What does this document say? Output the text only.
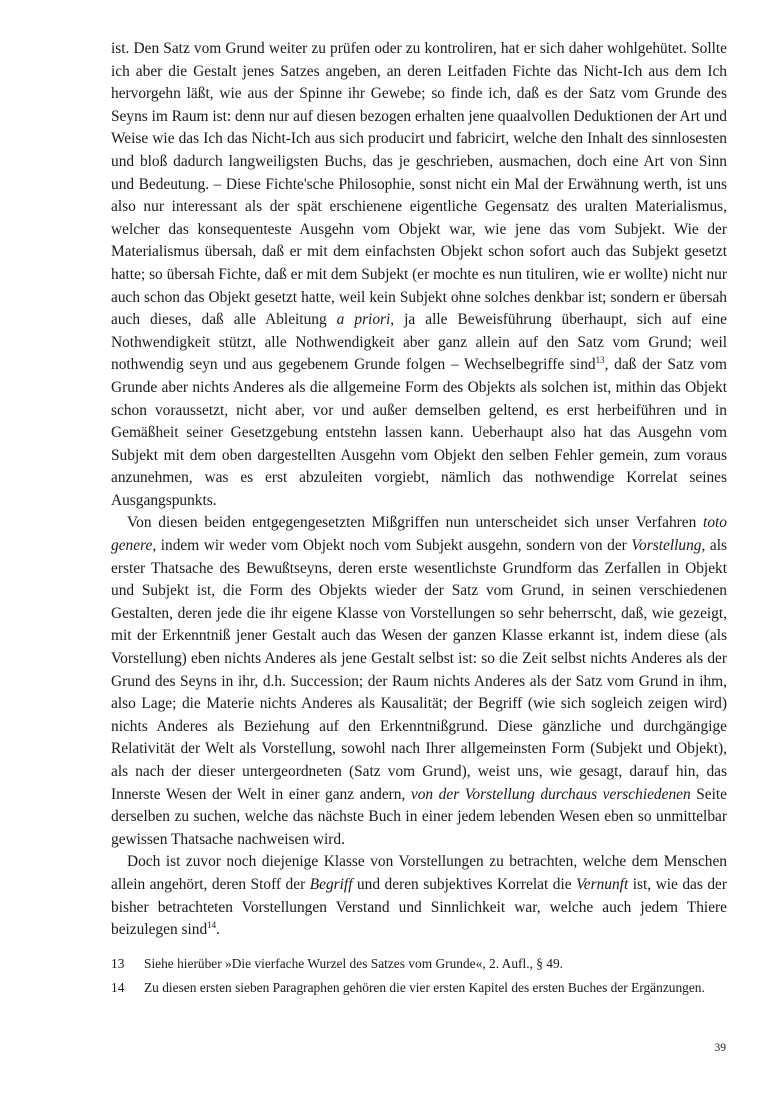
ist. Den Satz vom Grund weiter zu prüfen oder zu kontroliren, hat er sich daher wohlgehütet. Sollte ich aber die Gestalt jenes Satzes angeben, an deren Leitfaden Fichte das Nicht-Ich aus dem Ich hervorgehn läßt, wie aus der Spinne ihr Gewebe; so finde ich, daß es der Satz vom Grunde des Seyns im Raum ist: denn nur auf diesen bezogen erhalten jene quaalvollen Deduktionen der Art und Weise wie das Ich das Nicht-Ich aus sich producirt und fabricirt, welche den Inhalt des sinnlosesten und bloß dadurch langweiligsten Buchs, das je geschrieben, ausmachen, doch eine Art von Sinn und Bedeutung. – Diese Fichte'sche Philosophie, sonst nicht ein Mal der Erwähnung werth, ist uns also nur interessant als der spät erschienene eigentliche Gegensatz des uralten Materialismus, welcher das konsequenteste Ausgehn vom Objekt war, wie jene das vom Subjekt. Wie der Materialismus übersah, daß er mit dem einfachsten Objekt schon sofort auch das Subjekt gesetzt hatte; so übersah Fichte, daß er mit dem Subjekt (er mochte es nun tituliren, wie er wollte) nicht nur auch schon das Objekt gesetzt hatte, weil kein Subjekt ohne solches denkbar ist; sondern er übersah auch dieses, daß alle Ableitung a priori, ja alle Beweisführung überhaupt, sich auf eine Nothwendigkeit stützt, alle Nothwendigkeit aber ganz allein auf den Satz vom Grund; weil nothwendig seyn und aus gegebenem Grunde folgen – Wechselbegriffe sind$^{13}$, daß der Satz vom Grunde aber nichts Anderes als die allgemeine Form des Objekts als solchen ist, mithin das Objekt schon voraussetzt, nicht aber, vor und außer demselben geltend, es erst herbeiführen und in Gemäßheit seiner Gesetzgebung entstehn lassen kann. Ueberhaupt also hat das Ausgehn vom Subjekt mit dem oben dargestellten Ausgehn vom Objekt den selben Fehler gemein, zum voraus anzunehmen, was es erst abzuleiten vorgiebt, nämlich das nothwendige Korrelat seines Ausgangspunkts.

Von diesen beiden entgegengesetzten Mißgriffen nun unterscheidet sich unser Verfahren toto genere, indem wir weder vom Objekt noch vom Subjekt ausgehn, sondern von der Vorstellung, als erster Thatsache des Bewußtseyns, deren erste wesentlichste Grundform das Zerfallen in Objekt und Subjekt ist, die Form des Objekts wieder der Satz vom Grund, in seinen verschiedenen Gestalten, deren jede die ihr eigene Klasse von Vorstellungen so sehr beherrscht, daß, wie gezeigt, mit der Erkenntniß jener Gestalt auch das Wesen der ganzen Klasse erkannt ist, indem diese (als Vorstellung) eben nichts Anderes als jene Gestalt selbst ist: so die Zeit selbst nichts Anderes als der Grund des Seyns in ihr, d.h. Succession; der Raum nichts Anderes als der Satz vom Grund in ihm, also Lage; die Materie nichts Anderes als Kausalität; der Begriff (wie sich sogleich zeigen wird) nichts Anderes als Beziehung auf den Erkenntnißgrund. Diese gänzliche und durchgängige Relativität der Welt als Vorstellung, sowohl nach Ihrer allgemeinsten Form (Subjekt und Objekt), als nach der dieser untergeordneten (Satz vom Grund), weist uns, wie gesagt, darauf hin, das Innerste Wesen der Welt in einer ganz andern, von der Vorstellung durchaus verschiedenen Seite derselben zu suchen, welche das nächste Buch in einer jedem lebenden Wesen eben so unmittelbar gewissen Thatsache nachweisen wird.

Doch ist zuvor noch diejenige Klasse von Vorstellungen zu betrachten, welche dem Menschen allein angehört, deren Stoff der Begriff und deren subjektives Korrelat die Vernunft ist, wie das der bisher betrachteten Vorstellungen Verstand und Sinnlichkeit war, welche auch jedem Thiere beizulegen sind$^{14}$.

13	Siehe hierüber »Die vierfache Wurzel des Satzes vom Grunde«, 2. Aufl., § 49.
14	Zu diesen ersten sieben Paragraphen gehören die vier ersten Kapitel des ersten Buches der Ergänzungen.
39
